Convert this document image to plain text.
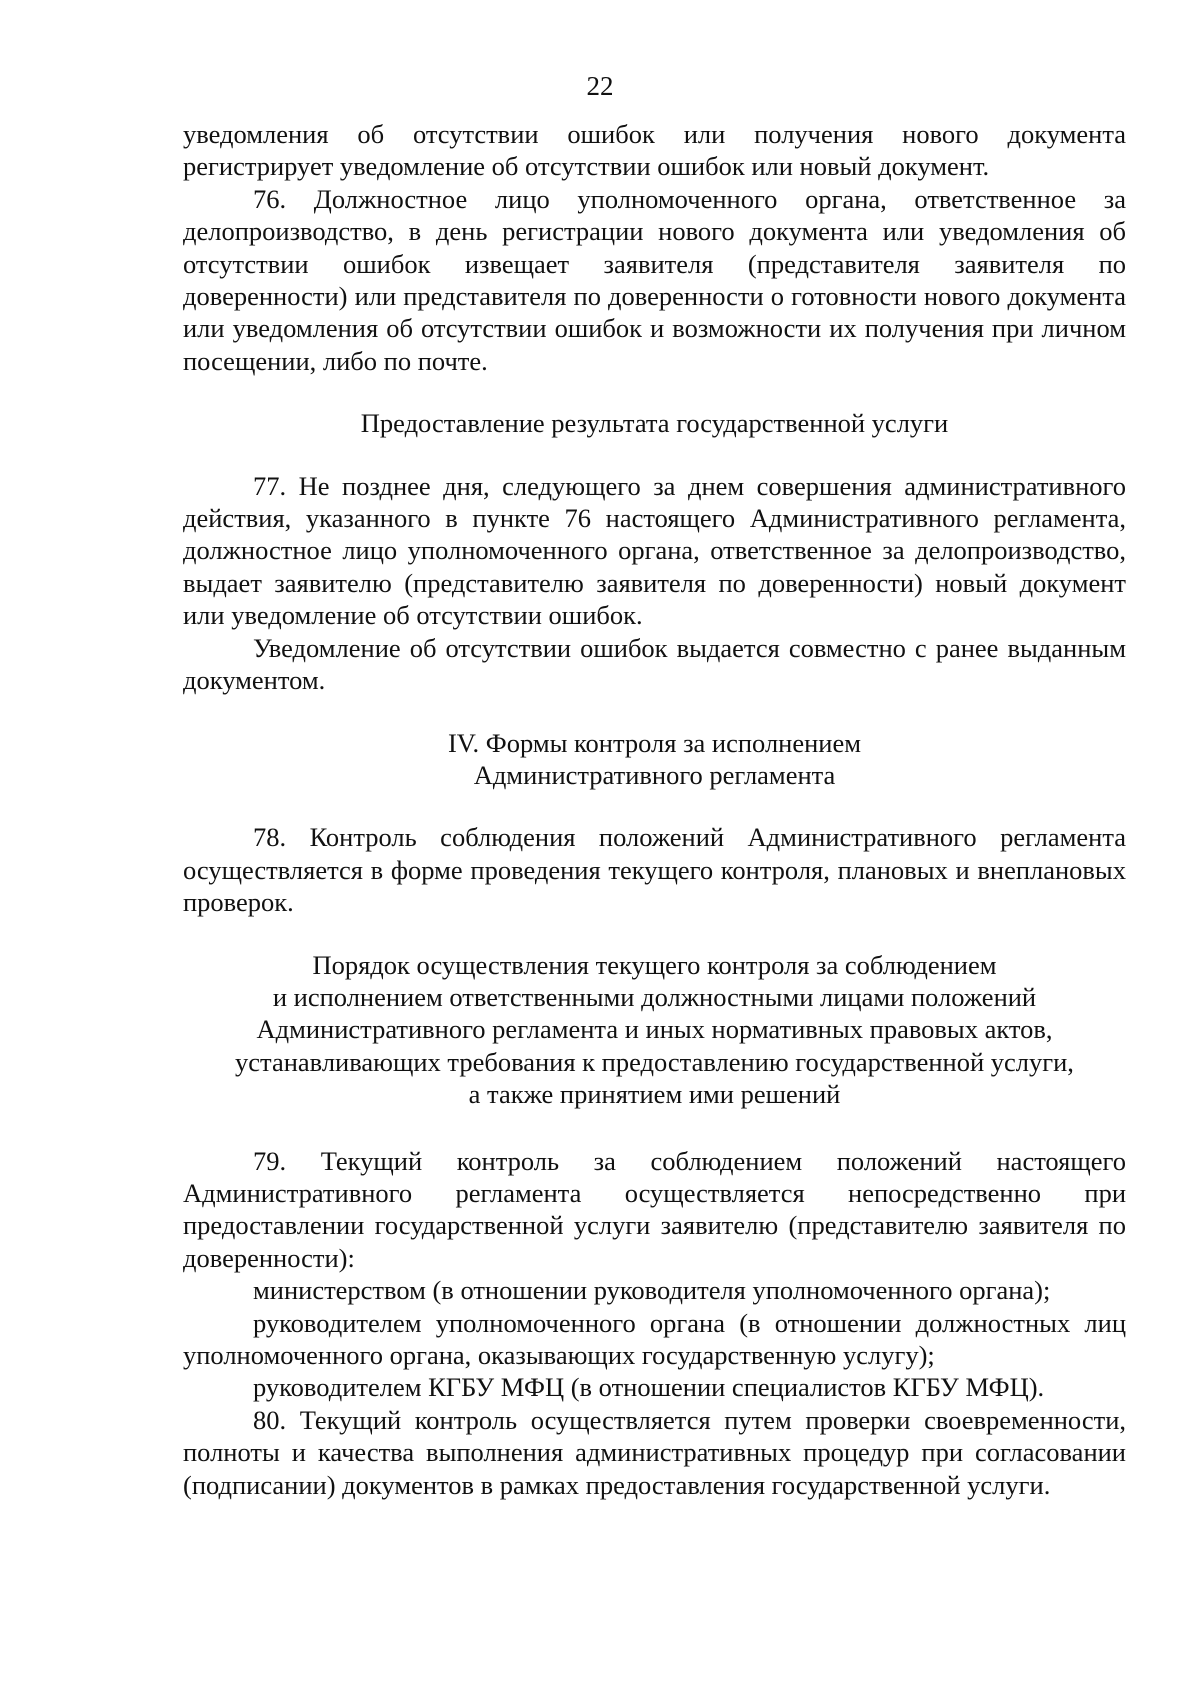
22

уведомления об отсутствии ошибок или получения нового документа регистрирует уведомление об отсутствии ошибок или новый документ.

76. Должностное лицо уполномоченного органа, ответственное за делопроизводство, в день регистрации нового документа или уведомления об отсутствии ошибок извещает заявителя (представителя заявителя по доверенности) или представителя по доверенности о готовности нового документа или уведомления об отсутствии ошибок и возможности их получения при личном посещении, либо по почте.

Предоставление результата государственной услуги

77. Не позднее дня, следующего за днем совершения административного действия, указанного в пункте 76 настоящего Административного регламента, должностное лицо уполномоченного органа, ответственное за делопроизводство, выдает заявителю (представителю заявителя по доверенности) новый документ или уведомление об отсутствии ошибок.

Уведомление об отсутствии ошибок выдается совместно с ранее выданным документом.

IV. Формы контроля за исполнением
Административного регламента

78. Контроль соблюдения положений Административного регламента осуществляется в форме проведения текущего контроля, плановых и внеплановых проверок.

Порядок осуществления текущего контроля за соблюдением
и исполнением ответственными должностными лицами положений
Административного регламента и иных нормативных правовых актов,
устанавливающих требования к предоставлению государственной услуги,
а также принятием ими решений

79. Текущий контроль за соблюдением положений настоящего Административного регламента осуществляется непосредственно при предоставлении государственной услуги заявителю (представителю заявителя по доверенности):

министерством (в отношении руководителя уполномоченного органа);

руководителем уполномоченного органа (в отношении должностных лиц уполномоченного органа, оказывающих государственную услугу);

руководителем КГБУ МФЦ (в отношении специалистов КГБУ МФЦ).

80. Текущий контроль осуществляется путем проверки своевременности, полноты и качества выполнения административных процедур при согласовании (подписании) документов в рамках предоставления государственной услуги.
